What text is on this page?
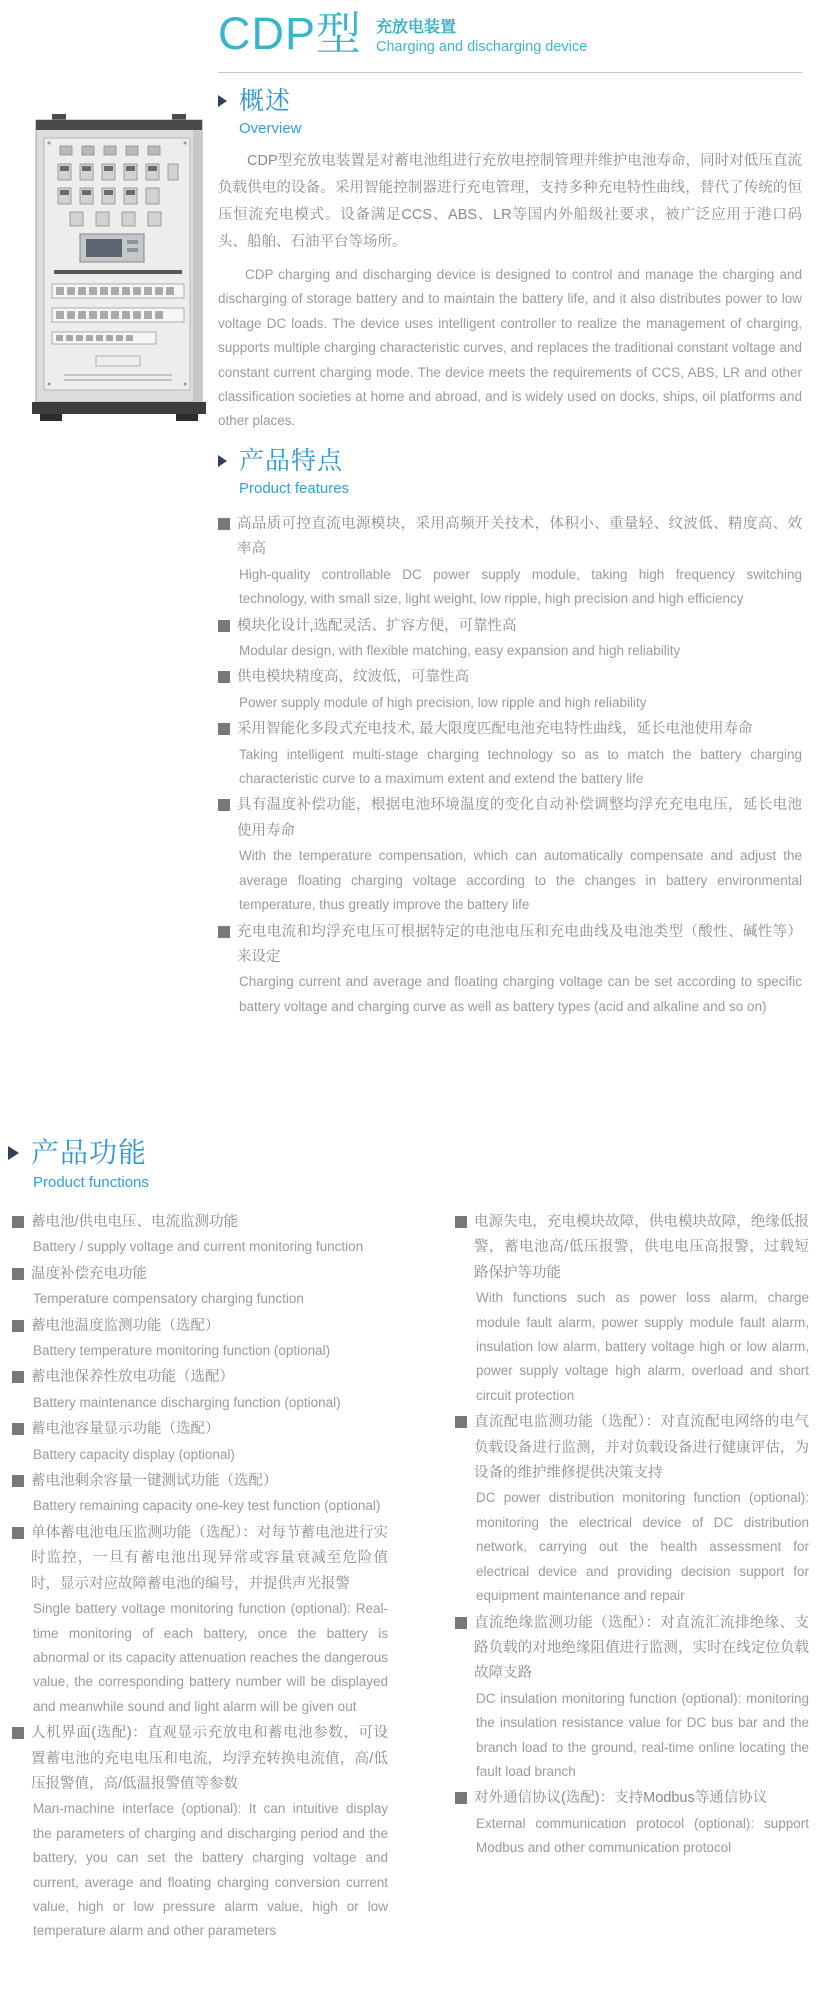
CDP型 充放电装置
Charging and discharging device
概述
Overview

CDP型充放电装置是对蓄电池组进行充放电控制管理并维护电池寿命，同时对低压直流负载供电的设备。采用智能控制器进行充电管理，支持多种充电特性曲线，替代了传统的恒压恒流充电模式。设备满足CCS、ABS、LR等国内外船级社要求，被广泛应用于港口码头、船舶、石油平台等场所。

CDP charging and discharging device is designed to control and manage the charging and discharging of storage battery and to maintain the battery life, and it also distributes power to low voltage DC loads. The device uses intelligent controller to realize the management of charging, supports multiple charging characteristic curves, and replaces the traditional constant voltage and constant current charging mode. The device meets the requirements of CCS, ABS, LR and other classification societies at home and abroad, and is widely used on docks, ships, oil platforms and other places.

产品特点
Product features
高品质可控直流电源模块，采用高频开关技术，体积小、重量轻、纹波低、精度高、效率高
High-quality controllable DC power supply module, taking high frequency switching technology, with small size, light weight, low ripple, high precision and high efficiency
模块化设计,选配灵活、扩容方便，可靠性高
Modular design, with flexible matching, easy expansion and high reliability
供电模块精度高，纹波低，可靠性高
Power supply module of high precision, low ripple and high reliability
采用智能化多段式充电技术, 最大限度匹配电池充电特性曲线，延长电池使用寿命
Taking intelligent multi-stage charging technology so as to match the battery charging characteristic curve to a maximum extent and extend the battery life
具有温度补偿功能，根据电池环境温度的变化自动补偿调整均浮充充电电压，延长电池使用寿命
With the temperature compensation, which can automatically compensate and adjust the average floating charging voltage according to the changes in battery environmental temperature, thus greatly improve the battery life
充电电流和均浮充电压可根据特定的电池电压和充电曲线及电池类型（酸性、碱性等）来设定
Charging current and average and floating charging voltage can be set according to specific battery voltage and charging curve as well as battery types (acid and alkaline and so on)
产品功能
Product functions
蓄电池/供电电压、电流监测功能
Battery / supply voltage and current monitoring function
温度补偿充电功能
Temperature compensatory charging function
蓄电池温度监测功能（选配）
Battery temperature monitoring function (optional)
蓄电池保养性放电功能（选配）
Battery maintenance discharging function (optional)
蓄电池容量显示功能（选配）
Battery capacity display (optional)
蓄电池剩余容量一键测试功能（选配）
Battery remaining capacity one-key test function (optional)
单体蓄电池电压监测功能（选配）：对每节蓄电池进行实时监控，一旦有蓄电池出现异常或容量衰减至危险值时，显示对应故障蓄电池的编号，并提供声光报警
Single battery voltage monitoring function (optional): Real-time monitoring of each battery, once the battery is abnormal or its capacity attenuation reaches the dangerous value, the corresponding battery number will be displayed and meanwhile sound and light alarm will be given out
人机界面(选配)：直观显示充放电和蓄电池参数，可设置蓄电池的充电电压和电流，均浮充转换电流值，高/低压报警值，高/低温报警值等参数
Man-machine interface (optional): It can intuitive display the parameters of charging and discharging period and the battery, you can set the battery charging voltage and current, average and floating charging conversion current value, high or low pressure alarm value, high or low temperature alarm and other parameters
电源失电，充电模块故障，供电模块故障，绝缘低报警，蓄电池高/低压报警，供电电压高报警，过载短路保护等功能
With functions such as power loss alarm, charge module fault alarm, power supply module fault alarm, insulation low alarm, battery voltage high or low alarm, power supply voltage high alarm, overload and short circuit protection
直流配电监测功能（选配）：对直流配电网络的电气负载设备进行监测，并对负载设备进行健康评估，为设备的维护维修提供决策支持
DC power distribution monitoring function (optional): monitoring the electrical device of DC distribution network, carrying out the health assessment for electrical device and providing decision support for equipment maintenance and repair
直流绝缘监测功能（选配）：对直流汇流排绝缘、支路负载的对地绝缘阻值进行监测，实时在线定位负载故障支路
DC insulation monitoring function (optional): monitoring the insulation resistance value for DC bus bar and the branch load to the ground, real-time online locating the fault load branch
对外通信协议(选配)：支持Modbus等通信协议
External communication protocol (optional): support Modbus and other communication protocol
